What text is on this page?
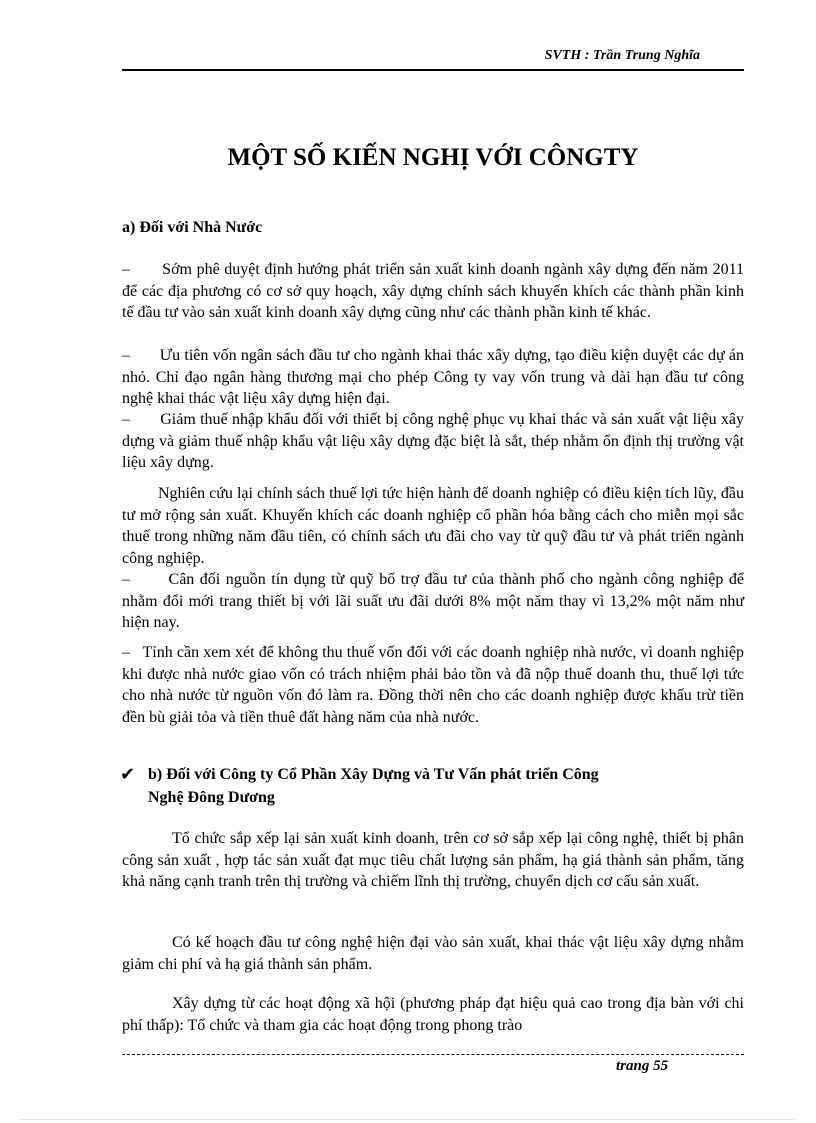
SVTH : Trần Trung Nghĩa
MỘT SỐ KIẾN NGHỊ VỚI CÔNGTY
a) Đối với Nhà Nước

–       Sớm phê duyệt định hướng phát triển sản xuất kinh doanh ngành xây dựng đến năm 2011 để các địa phương có cơ sở quy hoạch, xây dựng chính sách khuyến khích các thành phần kinh tế đầu tư vào sản xuất kinh doanh xây dựng cũng như các thành phần kinh tế khác.

–       Ưu tiên vốn ngân sách đầu tư cho ngành khai thác xây dựng, tạo điều kiện duyệt các dự án nhỏ. Chỉ đạo ngân hàng thương mại cho phép Công ty vay vốn trung và dài hạn đầu tư công nghệ khai thác vật liệu xây dựng hiện đại.

–       Giảm thuế nhập khẩu đối với thiết bị công nghệ phục vụ khai thác và sản xuất vật liệu xây dựng và giảm thuế nhập khẩu vật liệu xây dựng đặc biệt là sắt, thép nhằm ổn định thị trường vật liệu xây dựng.

Nghiên cứu lại chính sách thuế lợi tức hiện hành để doanh nghiệp có điều kiện tích lũy, đầu tư mở rộng sản xuất. Khuyến khích các doanh nghiệp cổ phần hóa bằng cách cho miễn mọi sắc thuế trong những năm đầu tiên, có chính sách ưu đãi cho vay từ quỹ đầu tư và phát triển ngành công nghiệp.

–       Cân đối nguồn tín dụng từ quỹ bổ trợ đầu tư của thành phố cho ngành công nghiệp để nhằm đổi mới trang thiết bị với lãi suất ưu đãi dưới 8% một năm thay vì 13,2% một năm như hiện nay.

–   Tỉnh cần xem xét để không thu thuế vốn đối với các doanh nghiệp nhà nước, vì doanh nghiệp khi được nhà nước giao vốn có trách nhiệm phải bảo tồn và đã nộp thuế doanh thu, thuế lợi tức cho nhà nước từ nguồn vốn đó làm ra. Đồng thời nên cho các doanh nghiệp được khấu trừ tiền đền bù giải tỏa và tiền thuê đất hàng năm của nhà nước.

✔ b) Đối với Công ty Cổ Phần Xây Dựng và Tư Vấn phát triển Công
Nghệ Đông Dương

Tổ chức sắp xếp lại sản xuất kinh doanh, trên cơ sở sắp xếp lại công nghệ, thiết bị phân công sản xuất , hợp tác sản xuất đạt mục tiêu chất lượng sản phẩm, hạ giá thành sản phẩm, tăng khả năng cạnh tranh trên thị trường và chiếm lĩnh thị trường, chuyển dịch cơ cấu sản xuất.

Có kế hoạch đầu tư công nghệ hiện đại vào sản xuất, khai thác vật liệu xây dựng nhằm giảm chi phí và hạ giá thành sản phẩm.

Xây dựng từ các hoạt động xã hội (phương pháp đạt hiệu quả cao trong địa bàn với chi phí thấp): Tổ chức và tham gia các hoạt động trong phong trào

trang 55
